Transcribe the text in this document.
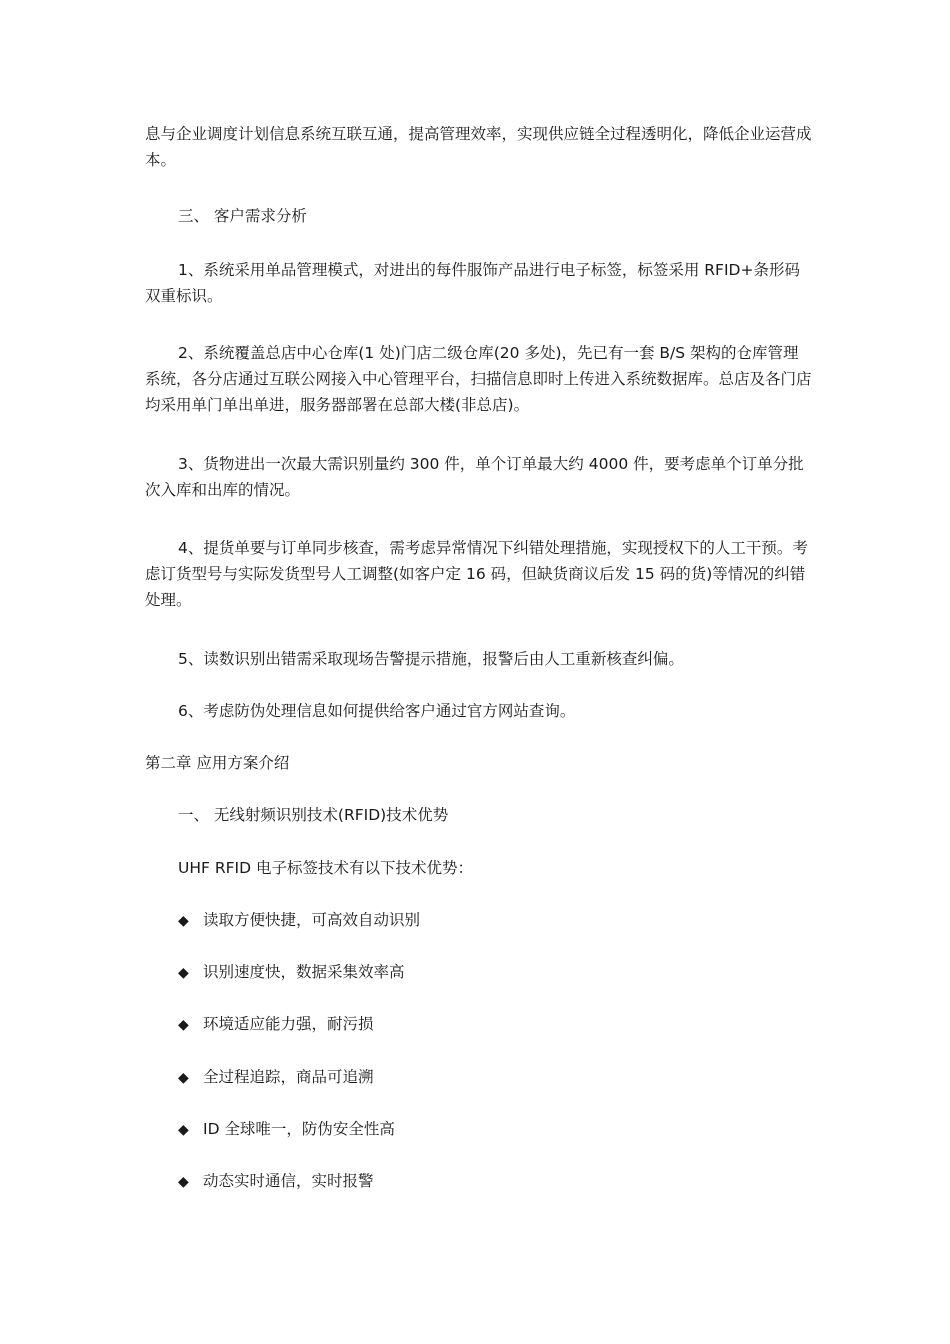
息与企业调度计划信息系统互联互通，提高管理效率，实现供应链全过程透明化，降低企业运营成本。

三、 客户需求分析

1、系统采用单品管理模式，对进出的每件服饰产品进行电子标签，标签采用 RFID+条形码双重标识。

2、系统覆盖总店中心仓库(1 处)门店二级仓库(20 多处)，先已有一套 B/S 架构的仓库管理系统，各分店通过互联公网接入中心管理平台，扫描信息即时上传进入系统数据库。总店及各门店均采用单门单出单进，服务器部署在总部大楼(非总店)。

3、货物进出一次最大需识别量约 300 件，单个订单最大约 4000 件，要考虑单个订单分批次入库和出库的情况。

4、提货单要与订单同步核查，需考虑异常情况下纠错处理措施，实现授权下的人工干预。考虑订货型号与实际发货型号人工调整(如客户定 16 码，但缺货商议后发 15 码的货)等情况的纠错处理。

5、读数识别出错需采取现场告警提示措施，报警后由人工重新核查纠偏。

6、考虑防伪处理信息如何提供给客户通过官方网站查询。

第二章 应用方案介绍

一、 无线射频识别技术(RFID)技术优势

UHF RFID 电子标签技术有以下技术优势：

◆ 读取方便快捷，可高效自动识别
◆ 识别速度快，数据采集效率高
◆ 环境适应能力强，耐污损
◆ 全过程追踪，商品可追溯
◆ ID 全球唯一，防伪安全性高
◆ 动态实时通信，实时报警
